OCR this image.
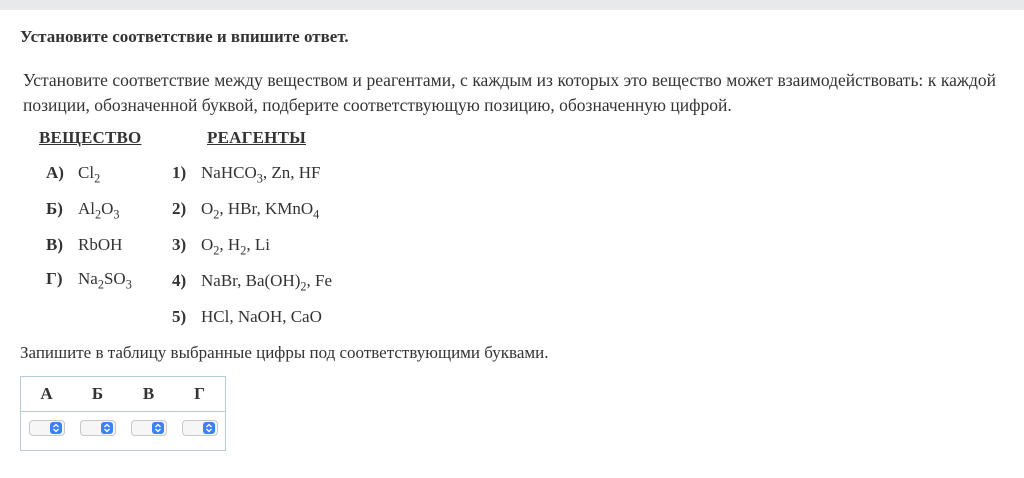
Установите соответствие и впишите ответ.
Установите соответствие между веществом и реагентами, с каждым из которых это вещество может взаимодействовать: к каждой позиции, обозначенной буквой, подберите соответствующую позицию, обозначенную цифрой.
ВЕЩЕСТВО	РЕАГЕНТЫ
А) $Cl_2$
Б) $Al_2O_3$
В) RbOH
Г) $Na_2SO_3$
1) NaHCO$_3$, Zn, HF
2) $O_2$, HBr, KMnO$_4$
3) $O_2$, $H_2$, Li
4) NaBr, $Ba(OH)_2$, Fe
5) HCl, NaOH, CaO
Запишите в таблицу выбранные цифры под соответствующими буквами.
А	Б	В	Г
